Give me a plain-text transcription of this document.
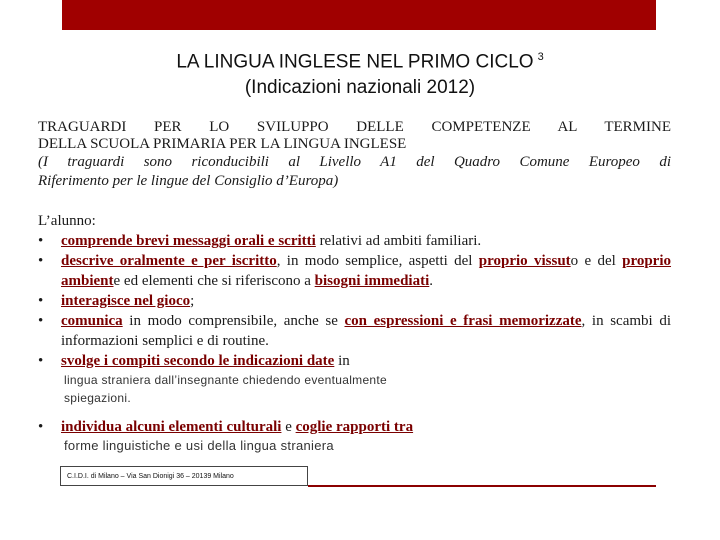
LA LINGUA INGLESE NEL PRIMO CICLO $^3$
(Indicazioni nazionali 2012)
TRAGUARDI PER LO SVILUPPO DELLE COMPETENZE AL TERMINE
DELLA SCUOLA PRIMARIA PER LA LINGUA INGLESE
(I traguardi sono riconducibili al Livello A1 del Quadro Comune Europeo di
Riferimento per le lingue del Consiglio d’Europa)
L’alunno:
• comprende brevi messaggi orali e scritti relativi ad ambiti familiari.
• descrive oralmente e per iscritto, in modo semplice, aspetti del proprio vissuto e del proprio ambiente ed elementi che si riferiscono a bisogni immediati.
• interagisce nel gioco;
• comunica in modo comprensibile, anche se con espressioni e frasi memorizzate, in scambi di informazioni semplici e di routine.
• svolge i compiti secondo le indicazioni date in
lingua straniera dall’insegnante chiedendo eventualmente
spiegazioni.
• individua alcuni elementi culturali e coglie rapporti tra
forme linguistiche e usi della lingua straniera
C.I.D.I. di Milano – Via San Dionigi 36 – 20139 Milano
